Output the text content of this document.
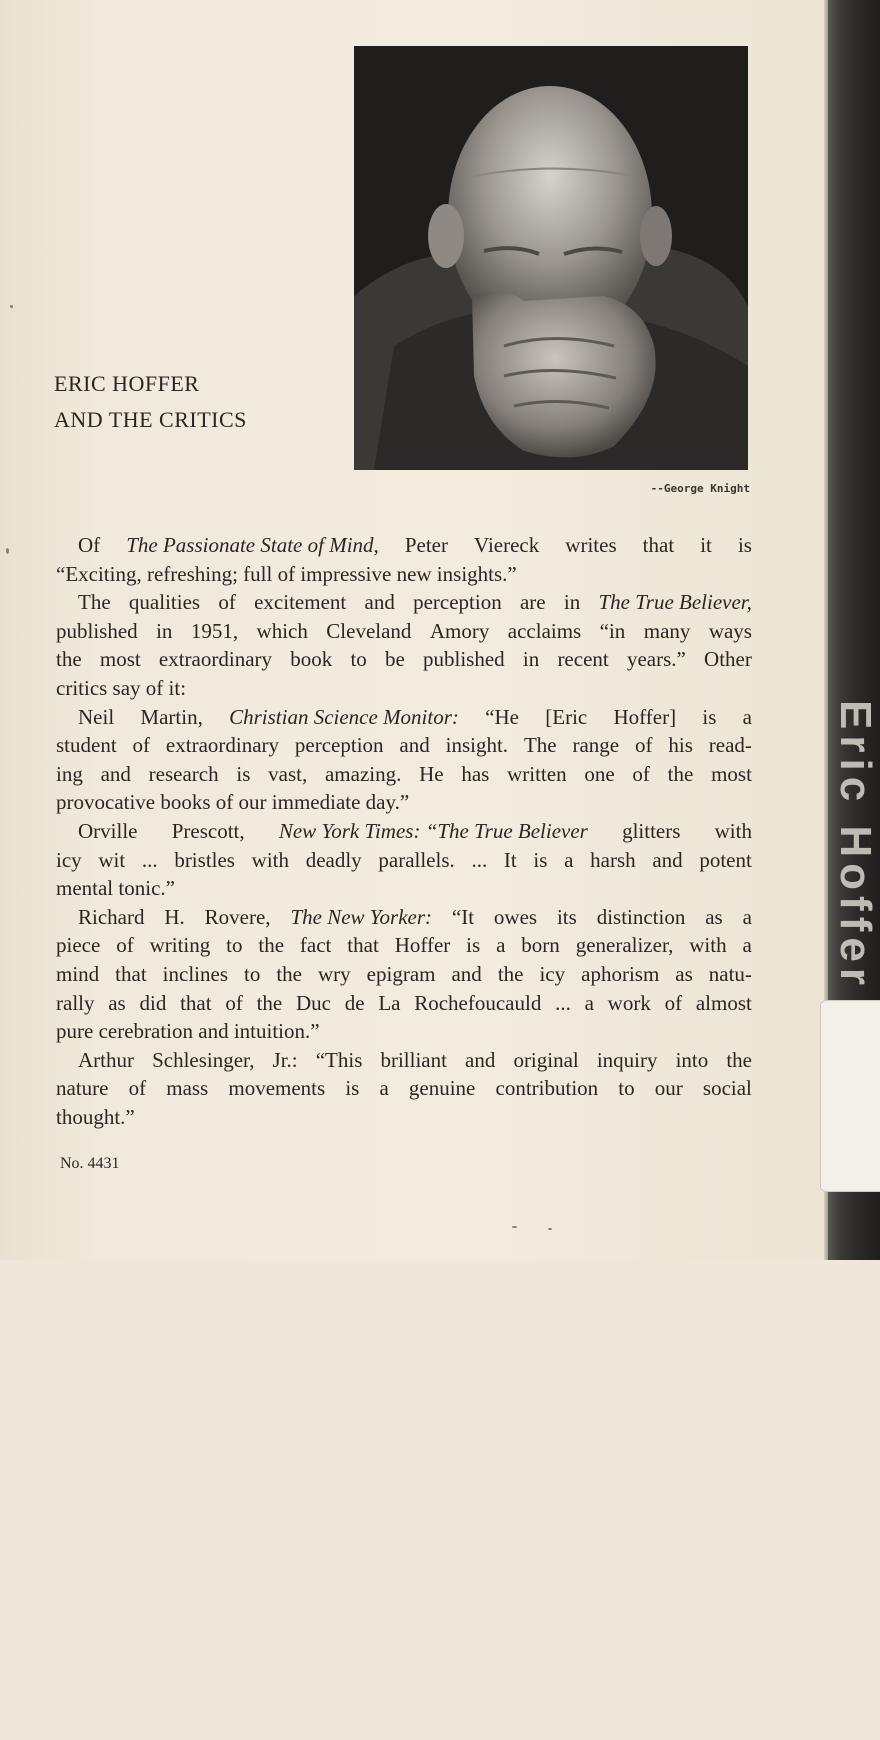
Eric Hoffer
--George Knight
ERIC HOFFER
AND THE CRITICS
Of The Passionate State of Mind, Peter Viereck writes that it is
“Exciting, refreshing; full of impressive new insights.”
The qualities of excitement and perception are in The True Believer,
published in 1951, which Cleveland Amory acclaims “in many ways
the most extraordinary book to be published in recent years.” Other
critics say of it:
Neil Martin, Christian Science Monitor: “He [Eric Hoffer] is a
student of extraordinary perception and insight. The range of his read-
ing and research is vast, amazing. He has written one of the most
provocative books of our immediate day.”
Orville Prescott, New York Times: “The True Believer glitters with
icy wit ... bristles with deadly parallels. ... It is a harsh and potent
mental tonic.”
Richard H. Rovere, The New Yorker: “It owes its distinction as a
piece of writing to the fact that Hoffer is a born generalizer, with a
mind that inclines to the wry epigram and the icy aphorism as natu-
rally as did that of the Duc de La Rochefoucauld ... a work of almost
pure cerebration and intuition.”
Arthur Schlesinger, Jr.: “This brilliant and original inquiry into the
nature of mass movements is a genuine contribution to our social
thought.”
No. 4431
